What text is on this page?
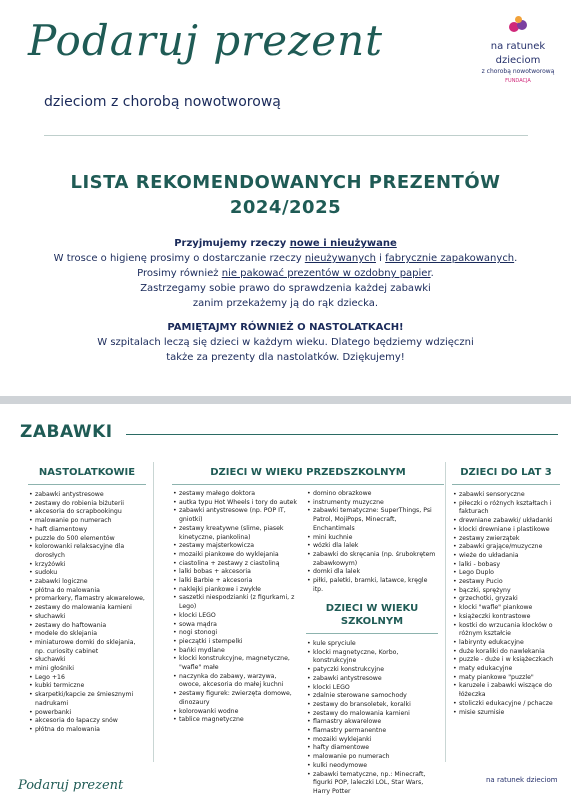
Podaruj prezent
dzieciom z chorobą nowotworową
na ratunek
dzieciom
z chorobą nowotworową
FUNDACJA
LISTA REKOMENDOWANYCH PREZENTÓW
2024/2025
Przyjmujemy rzeczy nowe i nieużywane
W trosce o higienę prosimy o dostarczanie rzeczy nieużywanych i fabrycznie zapakowanych.
Prosimy również nie pakować prezentów w ozdobny papier.
Zastrzegamy sobie prawo do sprawdzenia każdej zabawki
zanim przekażemy ją do rąk dziecka.
PAMIĘTAJMY RÓWNIEŻ O NASTOLATKACH!
W szpitalach leczą się dzieci w każdym wieku. Dlatego będziemy wdzięczni
także za prezenty dla nastolatków. Dziękujemy!
ZABAWKI
NASTOLATKOWIE
• zabawki antystresowe
• zestawy do robienia biżuterii
• akcesoria do scrapbookingu
• malowanie po numerach
• haft diamentowy
• puzzle do 500 elementów
• kolorowanki relaksacyjne dla dorosłych
• krzyżówki
• sudoku
• zabawki logiczne
• płótna do malowania
• promarkery, flamastry akwarelowe,
• zestawy do malowania kamieni
• słuchawki
• zestawy do haftowania
• modele do sklejania
• miniaturowe domki do sklejania, np. curiosity cabinet
• słuchawki
• mini głośniki
• Lego +16
• kubki termiczne
• skarpetki/kapcie ze śmiesznymi nadrukami
• powerbanki
• akcesoria do łapaczy snów
• płótna do malowania
DZIECI W WIEKU PRZEDSZKOLNYM
• zestawy małego doktora
• autka typu Hot Wheels i tory do autek
• zabawki antystresowe (np. POP IT, gniotki)
• zestawy kreatywne (slime, piasek kinetyczne, piankolina)
• zestawy majsterkowicza
• mozaiki piankowe do wyklejania
• ciastolina + zestawy z ciastoliną
• lalki bobas + akcesoria
• lalki Barbie + akcesoria
• naklejki piankowe i zwykłe
• saszetki niespodzianki (z figurkami, z Lego)
• klocki LEGO
• sowa mądra
• nogi stonogi
• pieczątki i stempelki
• bańki mydlane
• klocki konstrukcyjne, magnetyczne, "wafle" małe
• naczynka do zabawy, warzywa, owoce, akcesoria do małej kuchni
• zestawy figurek: zwierzęta domowe, dinozaury
• kolorowanki wodne
• tablice magnetyczne
• domino obrazkowe
• instrumenty muzyczne
• zabawki tematyczne: SuperThings, Psi Patrol, MojiPops, Minecraft, Enchantimals
• mini kuchnie
• wózki dla lalek
• zabawki do skręcania (np. śrubokrętem zabawkowym)
• domki dla lalek
• piłki, paletki, bramki, latawce, kręgle itp.
DZIECI W WIEKU
SZKOLNYM
• kule spryciule
• klocki magnetyczne, Korbo, konstrukcyjne
• patyczki konstrukcyjne
• zabawki antystresowe
• klocki LEGO
• zdalnie sterowane samochody
• zestawy do bransoletek, koralki
• zestawy do malowania kamieni
• flamastry akwarelowe
• flamastry permanentne
• mozaiki wyklejanki
• hafty diamentowe
• malowanie po numerach
• kulki neodymowe
• zabawki tematyczne, np.: Minecraft, figurki POP, laleczki LOL, Star Wars, Harry Potter
DZIECI DO LAT 3
• zabawki sensoryczne
• piłeczki o różnych kształtach i fakturach
• drewniane zabawki/ układanki
• klocki drewniane i plastikowe
• zestawy zwierzątek
• zabawki grające/muzyczne
• wieże do układania
• lalki - bobasy
• Lego Duplo
• zestawy Pucio
• bączki, sprężyny
• grzechotki, gryzaki
• klocki "wafle" piankowe
• książeczki kontrastowe
• kostki do wrzucania klocków o różnym kształcie
• labirynty edukacyjne
• duże koraliki do nawlekania
• puzzle - duże i w książeczkach
• maty edukacyjne
• maty piankowe "puzzle"
• karuzele i zabawki wiszące do łóżeczka
• stoliczki edukacyjne / pchacze
• misie szumisie
Podaruj prezent	na ratunek dzieciom
